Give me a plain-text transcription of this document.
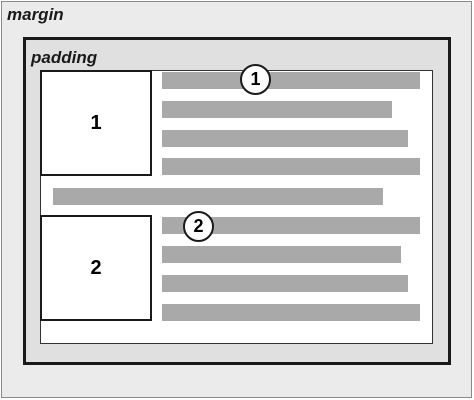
margin
padding
1
2
1
2
